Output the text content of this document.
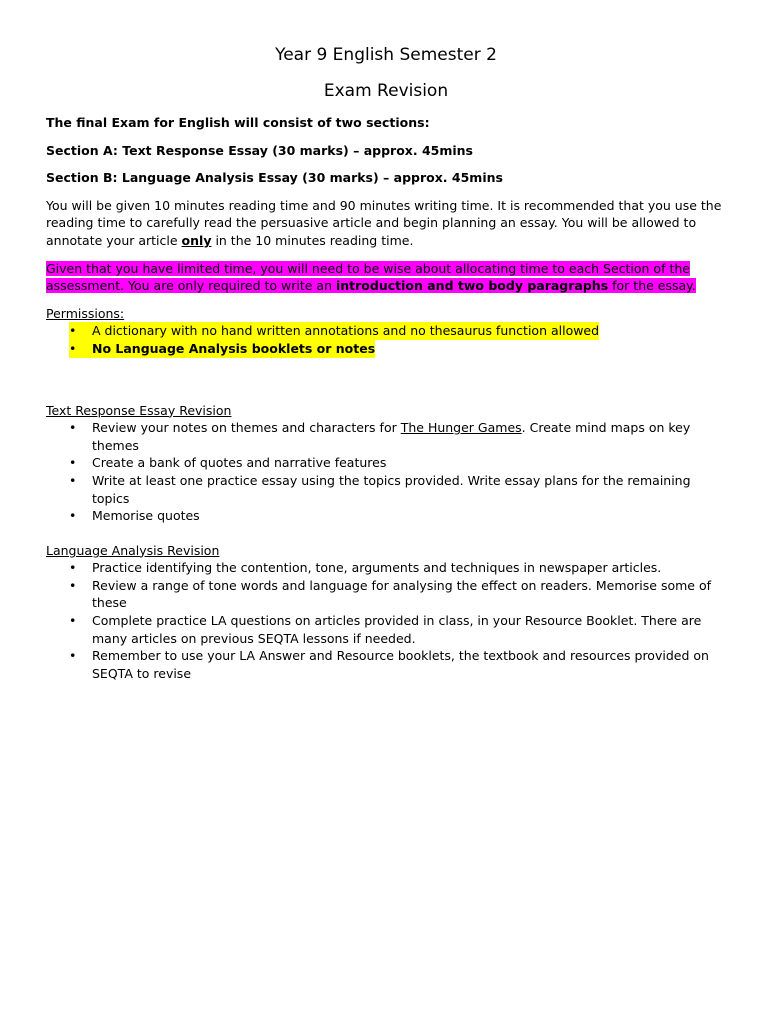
Year 9 English Semester 2
Exam Revision

The final Exam for English will consist of two sections:

Section A: Text Response Essay (30 marks) – approx. 45mins

Section B: Language Analysis Essay (30 marks) – approx. 45mins

You will be given 10 minutes reading time and 90 minutes writing time. It is recommended that you use the reading time to carefully read the persuasive article and begin planning an essay. You will be allowed to annotate your article only in the 10 minutes reading time.

Given that you have limited time, you will need to be wise about allocating time to each Section of the assessment. You are only required to write an introduction and two body paragraphs for the essay.

Permissions:

• A dictionary with no hand written annotations and no thesaurus function allowed
• No Language Analysis booklets or notes

Text Response Essay Revision

• Review your notes on themes and characters for The Hunger Games. Create mind maps on key themes
• Create a bank of quotes and narrative features
• Write at least one practice essay using the topics provided. Write essay plans for the remaining topics
• Memorise quotes

Language Analysis Revision

• Practice identifying the contention, tone, arguments and techniques in newspaper articles.
• Review a range of tone words and language for analysing the effect on readers. Memorise some of these
• Complete practice LA questions on articles provided in class, in your Resource Booklet. There are many articles on previous SEQTA lessons if needed.
• Remember to use your LA Answer and Resource booklets, the textbook and resources provided on SEQTA to revise
